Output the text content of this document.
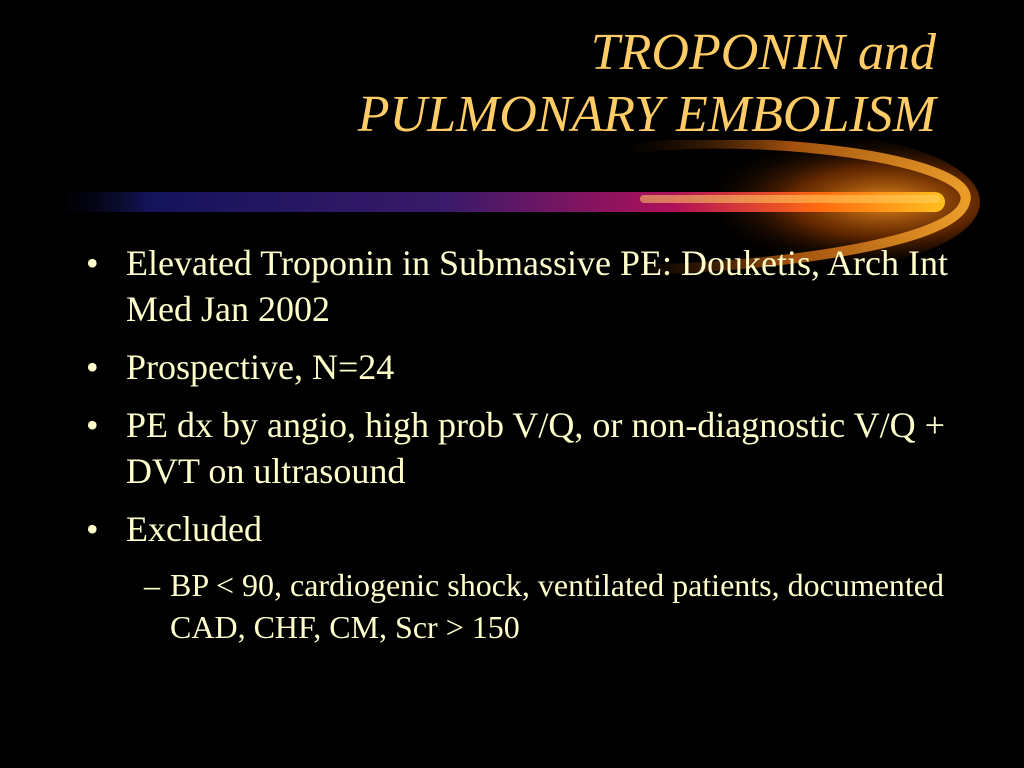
TROPONIN and
PULMONARY EMBOLISM
• Elevated Troponin in Submassive PE: Douketis, Arch Int Med Jan 2002
• Prospective, N=24
• PE dx by angio, high prob V/Q, or non-diagnostic V/Q + DVT on ultrasound
• Excluded
– BP < 90, cardiogenic shock, ventilated patients, documented CAD, CHF, CM, Scr > 150
